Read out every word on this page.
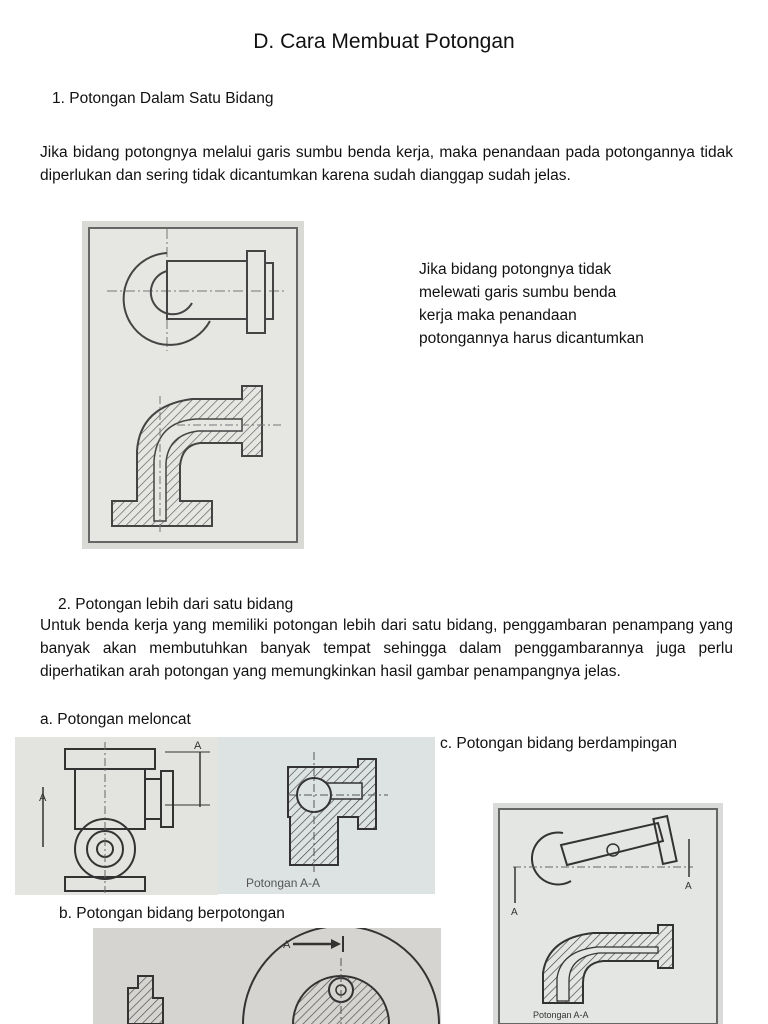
D. Cara Membuat Potongan
1. Potongan Dalam Satu Bidang
Jika bidang potongnya melalui garis sumbu benda kerja, maka penandaan pada potongannya tidak diperlukan dan sering tidak dicantumkan karena sudah dianggap sudah jelas.
Jika bidang potongnya tidak
melewati garis sumbu benda
kerja maka penandaan
potongannya harus dicantumkan
2. Potongan lebih dari satu bidang
Untuk benda kerja yang memiliki potongan lebih dari satu bidang, penggambaran penampang yang banyak akan membutuhkan banyak tempat sehingga dalam penggambarannya juga perlu diperhatikan arah potongan yang memungkinkan hasil gambar penampangnya jelas.
a. Potongan meloncat
A
A
Potongan A-A
c. Potongan bidang berdampingan
A
A
Potongan A-A
b. Potongan bidang berpotongan
A
